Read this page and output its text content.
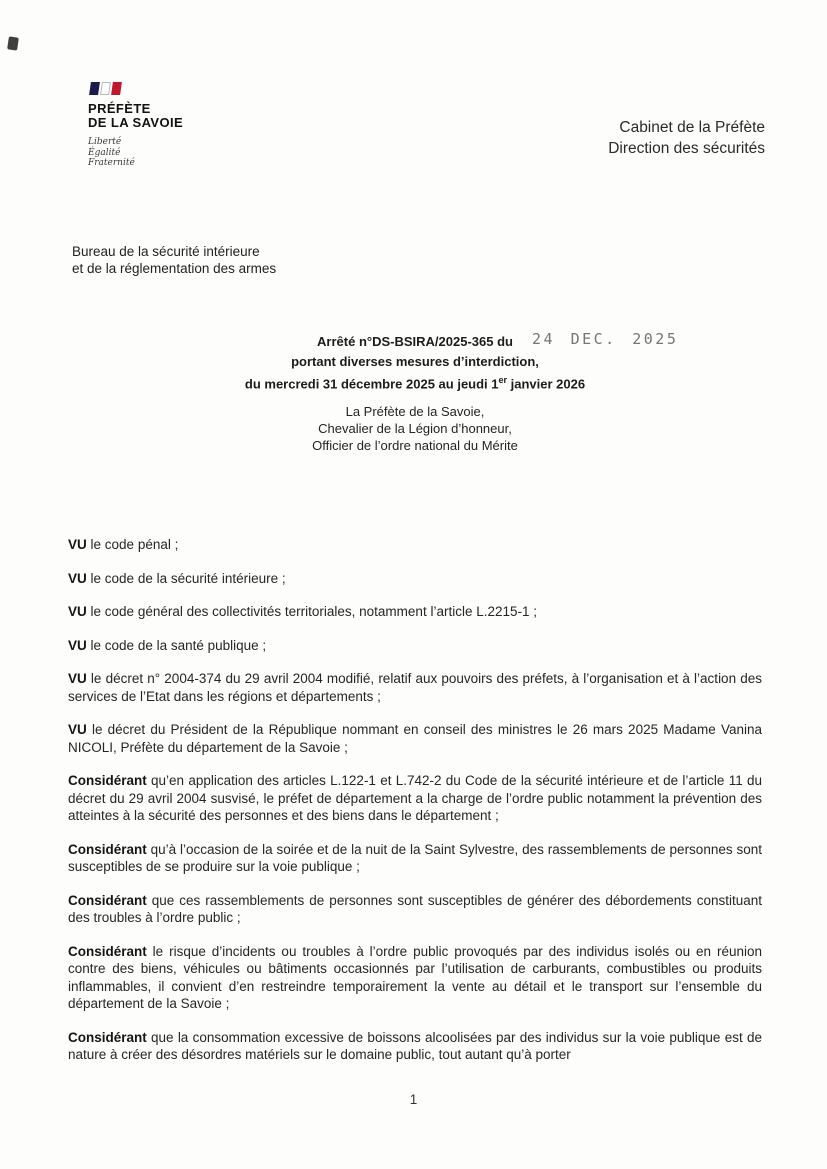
PRÉFÈTE
DE LA SAVOIE
Liberté
Égalité
Fraternité
Cabinet de la Préfète
Direction des sécurités
Bureau de la sécurité intérieure
et de la réglementation des armes
Arrêté n°DS-BSIRA/2025-365 du
portant diverses mesures d’interdiction,
du mercredi 31 décembre 2025 au jeudi 1er janvier 2026
24 DEC. 2025
La Préfète de la Savoie,
Chevalier de la Légion d’honneur,
Officier de l’ordre national du Mérite

VU le code pénal ;

VU le code de la sécurité intérieure ;

VU le code général des collectivités territoriales, notamment l’article L.2215-1 ;

VU le code de la santé publique ;

VU le décret n° 2004-374 du 29 avril 2004 modifié, relatif aux pouvoirs des préfets, à l’organisation et à l’action des services de l’Etat dans les régions et départements ;

VU le décret du Président de la République nommant en conseil des ministres le 26 mars 2025 Madame Vanina NICOLI, Préfète du département de la Savoie ;

Considérant qu’en application des articles L.122-1 et L.742-2 du Code de la sécurité intérieure et de l’article 11 du décret du 29 avril 2004 susvisé, le préfet de département a la charge de l’ordre public notamment la prévention des atteintes à la sécurité des personnes et des biens dans le département ;

Considérant qu’à l’occasion de la soirée et de la nuit de la Saint Sylvestre, des rassemblements de personnes sont susceptibles de se produire sur la voie publique ;

Considérant que ces rassemblements de personnes sont susceptibles de générer des débordements constituant des troubles à l’ordre public ;

Considérant le risque d’incidents ou troubles à l’ordre public provoqués par des individus isolés ou en réunion contre des biens, véhicules ou bâtiments occasionnés par l’utilisation de carburants, combustibles ou produits inflammables, il convient d’en restreindre temporairement la vente au détail et le transport sur l’ensemble du département de la Savoie ;

Considérant que la consommation excessive de boissons alcoolisées par des individus sur la voie publique est de nature à créer des désordres matériels sur le domaine public, tout autant qu’à porter

1
